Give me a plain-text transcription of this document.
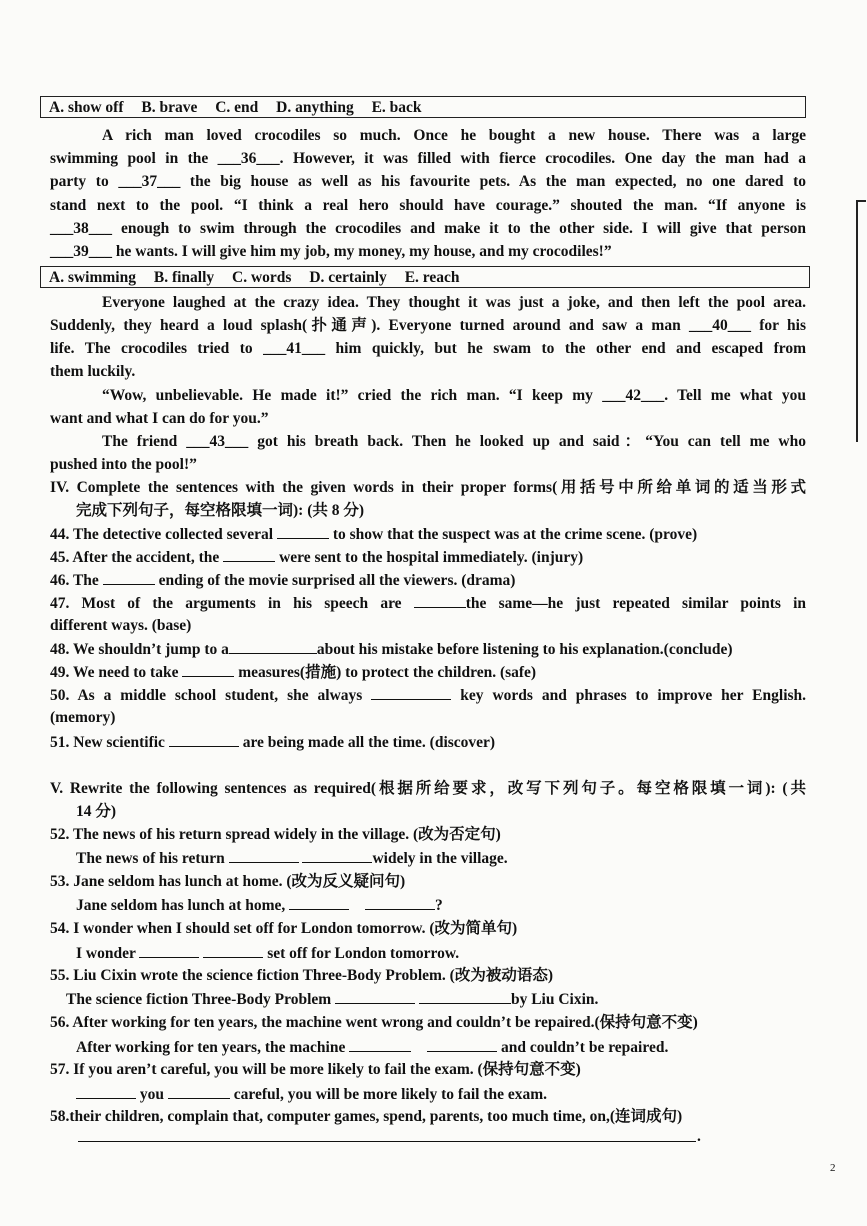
A. show off B. brave C. end D. anything E. back
A rich man loved crocodiles so much. Once he bought a new house. There was a large
swimming pool in the ___36___. However, it was filled with fierce crocodiles. One day the man had a
party to ___37___ the big house as well as his favourite pets. As the man expected, no one dared to
stand next to the pool. “I think a real hero should have courage.” shouted the man. “If anyone is
___38___ enough to swim through the crocodiles and make it to the other side. I will give that person
___39___ he wants. I will give him my job, my money, my house, and my crocodiles!”
A. swimming B. finally C. words D. certainly E. reach
Everyone laughed at the crazy idea. They thought it was just a joke, and then left the pool area.
Suddenly, they heard a loud splash(扑通声). Everyone turned around and saw a man ___40___ for his
life. The crocodiles tried to ___41___ him quickly, but he swam to the other end and escaped from
them luckily.
“Wow, unbelievable. He made it!” cried the rich man. “I keep my ___42___. Tell me what you
want and what I can do for you.”
The friend ___43___ got his breath back. Then he looked up and said：“You can tell me who
pushed into the pool!”
IV. Complete the sentences with the given words in their proper forms(用括号中所给单词的适当形式
完成下列句子，每空格限填一词): (共 8 分)
44. The detective collected several	to show that the suspect was at the crime scene. (prove)
45. After the accident, the	were sent to the hospital immediately. (injury)
46. The	ending of the movie surprised all the viewers. (drama)
47. Most of the arguments in his speech are	the same—he just repeated similar points in
different ways. (base)
48. We shouldn’t jump to a	about his mistake before listening to his explanation.(conclude)
49. We need to take	measures(措施) to protect the children. (safe)
50. As a middle school student, she always	key words and phrases to improve her English.
(memory)
51. New scientific	are being made all the time. (discover)
V. Rewrite the following sentences as required(根据所给要求，改写下列句子。每空格限填一词): (共
14 分)
52. The news of his return spread widely in the village. (改为否定句)
The news of his return	widely in the village.
53. Jane seldom has lunch at home. (改为反义疑问句)
Jane seldom has lunch at home,	?
54. I wonder when I should set off for London tomorrow. (改为简单句)
I wonder	set off for London tomorrow.
55. Liu Cixin wrote the science fiction Three-Body Problem. (改为被动语态)
The science fiction Three-Body Problem	by Liu Cixin.
56. After working for ten years, the machine went wrong and couldn’t be repaired.(保持句意不变)
After working for ten years, the machine	and couldn’t be repaired.
57. If you aren’t careful, you will be more likely to fail the exam. (保持句意不变)
you	careful, you will be more likely to fail the exam.
58.their children, complain that, computer games, spend, parents, too much time, on,(连词成句)
.
2
